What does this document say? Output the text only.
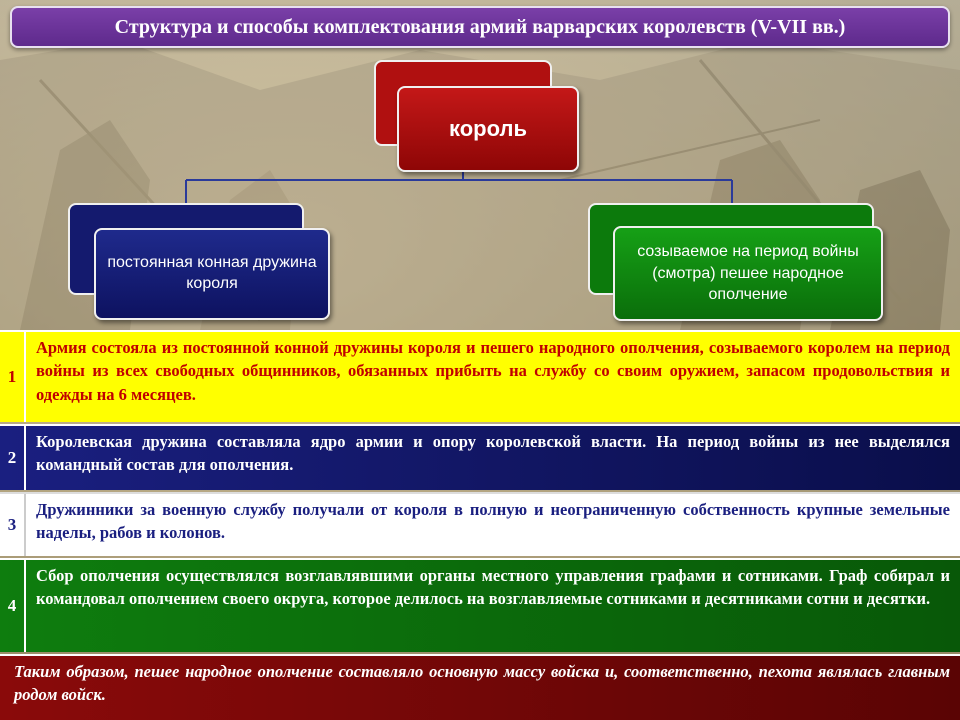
Структура и способы комплектования армий варварских королевств (V-VII вв.)
король
постоянная конная дружина короля
созываемое на период войны (смотра) пешее народное ополчение
1
Армия состояла из постоянной конной дружины короля и пешего народного ополчения, созываемого королем на период войны из всех свободных общинников, обязанных прибыть на службу со своим оружием, запасом продовольствия и одежды на 6 месяцев.
2
Королевская дружина составляла ядро армии и опору королевской власти. На период войны из нее выделялся командный состав для ополчения.
3
Дружинники за военную службу получали от короля в полную и неограниченную собственность крупные земельные наделы, рабов и колонов.
4
Сбор ополчения осуществлялся возглавлявшими органы местного управления графами и сотниками. Граф собирал и командовал ополчением своего округа, которое делилось на возглавляемые сотниками и десятниками сотни и десятки.
Таким образом, пешее народное ополчение составляло основную массу войска и, соответственно, пехота являлась главным родом войск.
